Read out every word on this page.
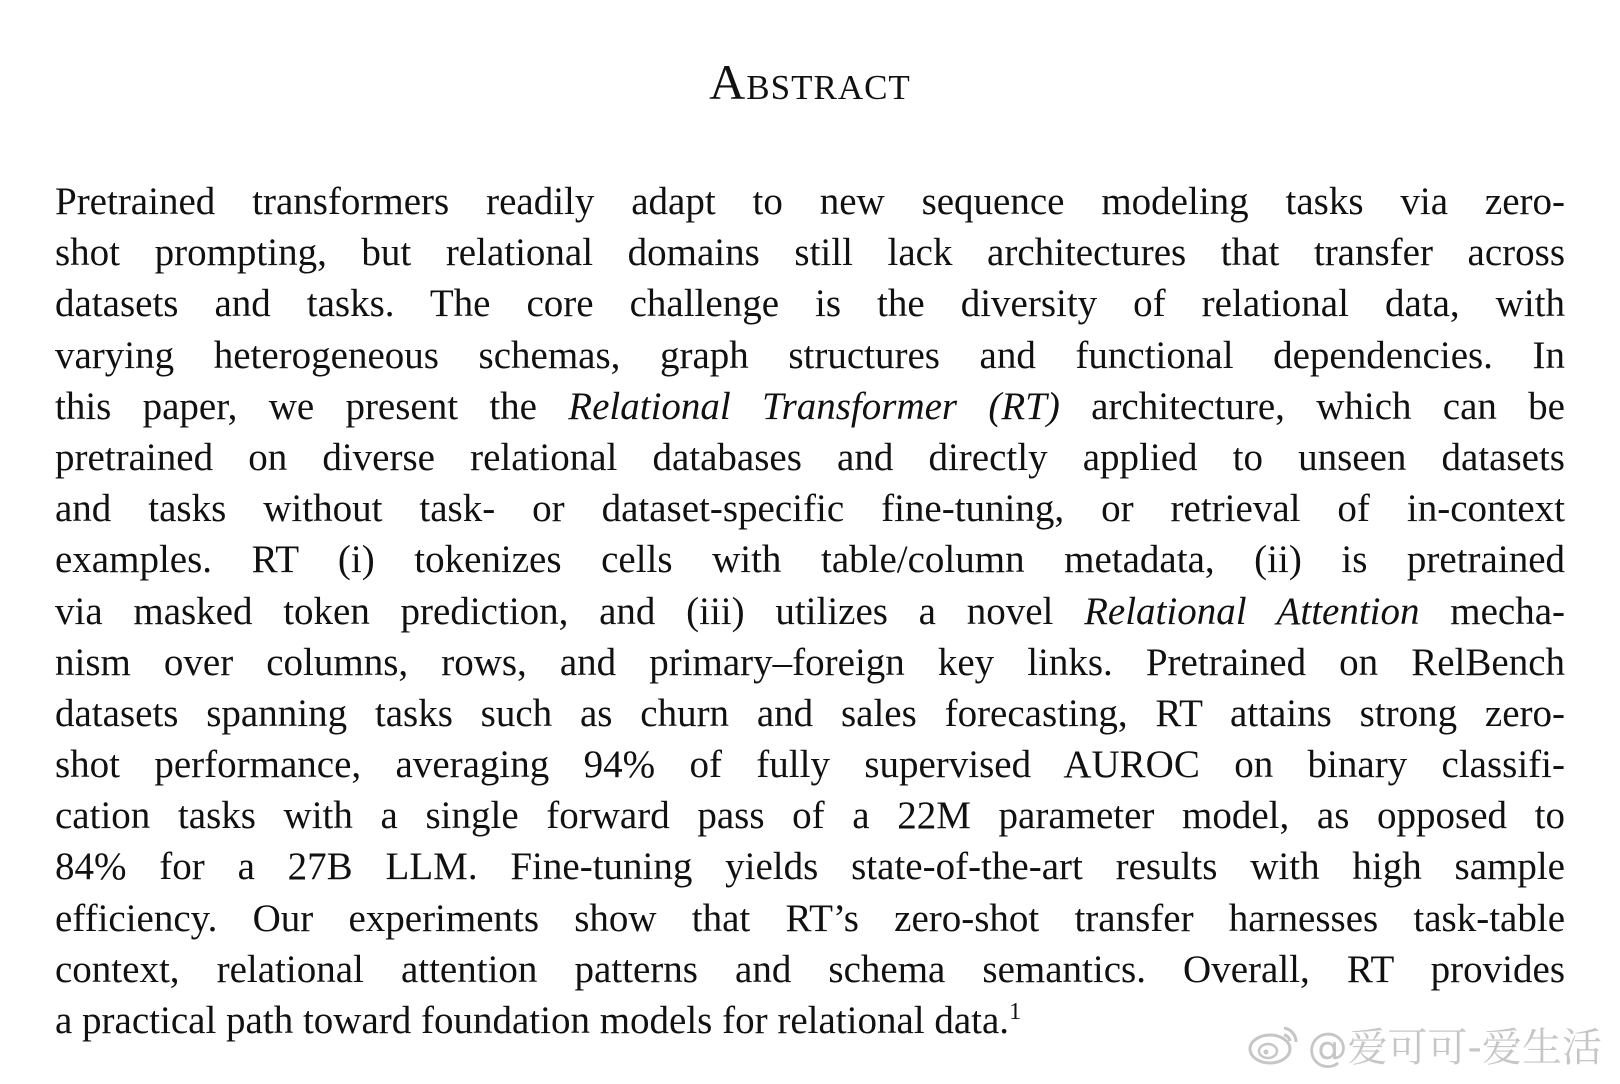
Abstract
Pretrained transformers readily adapt to new sequence modeling tasks via zero-
shot prompting, but relational domains still lack architectures that transfer across
datasets and tasks. The core challenge is the diversity of relational data, with
varying heterogeneous schemas, graph structures and functional dependencies. In
this paper, we present the Relational Transformer (RT) architecture, which can be
pretrained on diverse relational databases and directly applied to unseen datasets
and tasks without task- or dataset-specific fine-tuning, or retrieval of in-context
examples. RT (i) tokenizes cells with table/column metadata, (ii) is pretrained
via masked token prediction, and (iii) utilizes a novel Relational Attention mecha-
nism over columns, rows, and primary–foreign key links. Pretrained on RelBench
datasets spanning tasks such as churn and sales forecasting, RT attains strong zero-
shot performance, averaging 94% of fully supervised AUROC on binary classifi-
cation tasks with a single forward pass of a 22M parameter model, as opposed to
84% for a 27B LLM. Fine-tuning yields state-of-the-art results with high sample
efficiency. Our experiments show that RT’s zero-shot transfer harnesses task-table
context, relational attention patterns and schema semantics. Overall, RT provides
a practical path toward foundation models for relational data.$^1$
@爱可可-爱生活
